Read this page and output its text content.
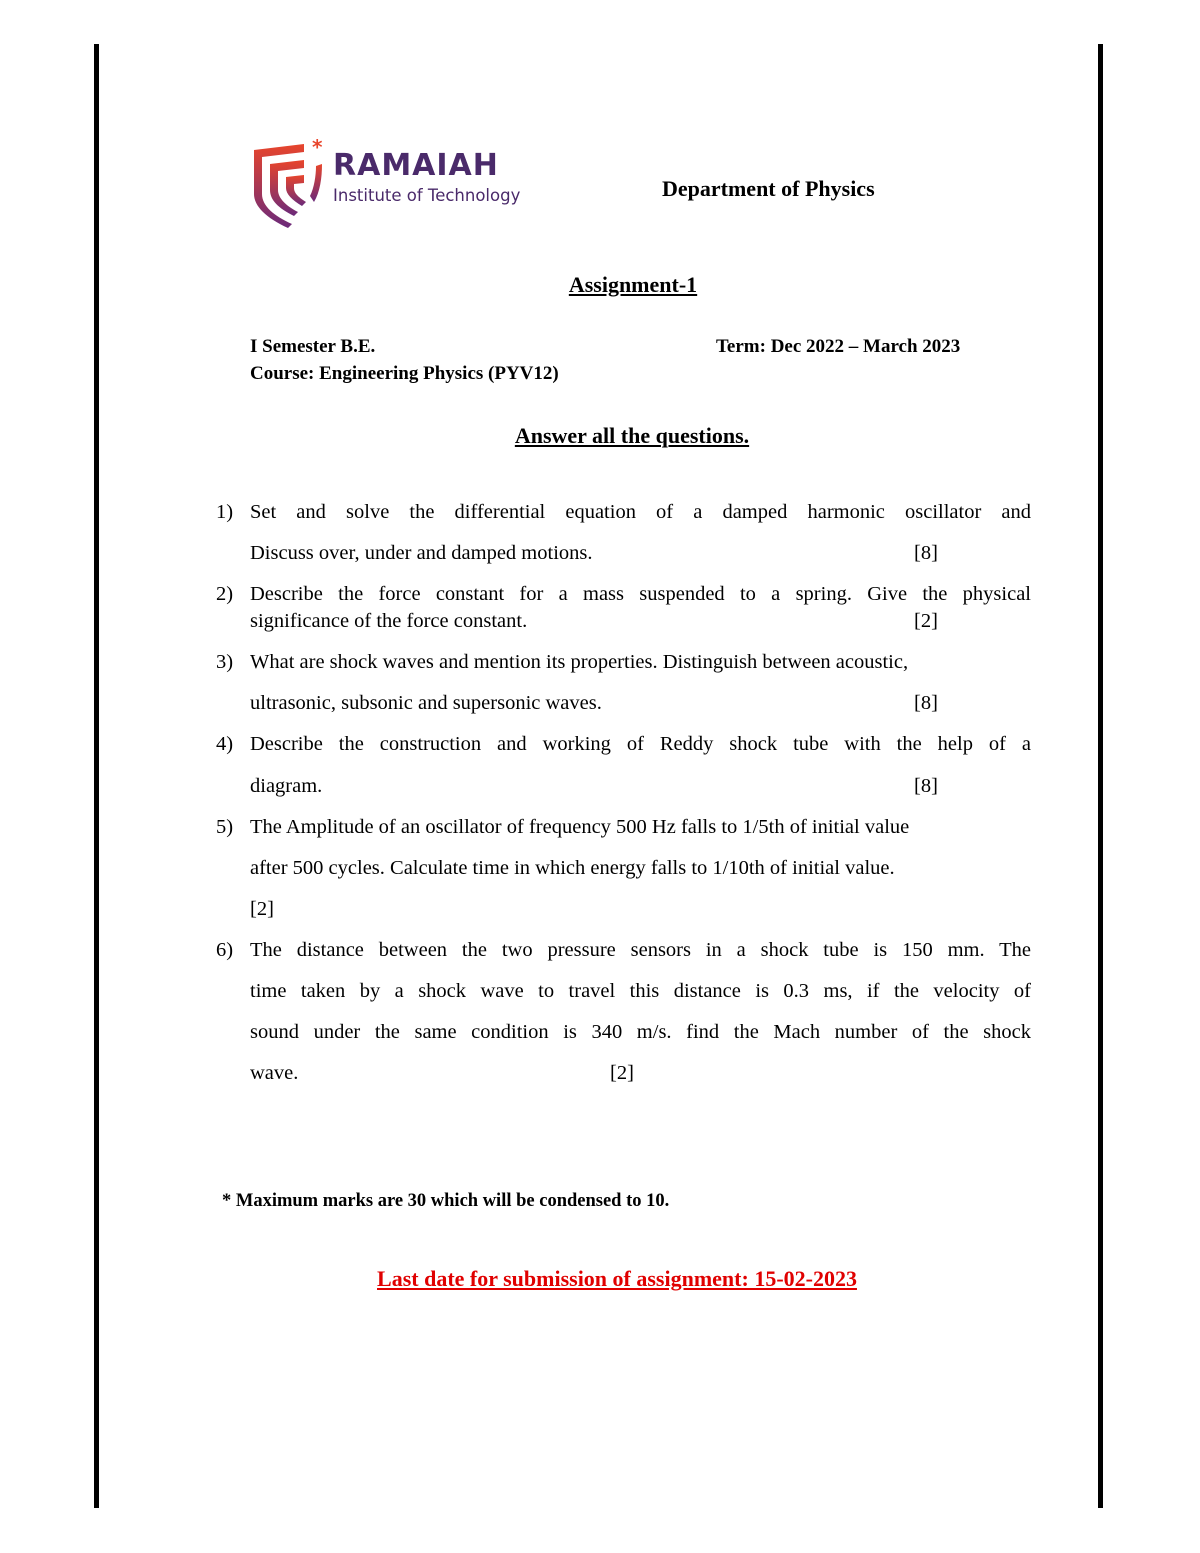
*
RAMAIAH
Institute of Technology	Department of Physics
Assignment-1
I Semester B.E.	Term: Dec 2022 – March 2023
Course: Engineering Physics (PYV12)
Answer all the questions.
1) Set and solve the differential equation of a damped harmonic oscillator and
Discuss over, under and damped motions.	[8]
2) Describe the force constant for a mass suspended to a spring. Give the physical
significance of the force constant.	[2]
3) What are shock waves and mention its properties. Distinguish between acoustic,
ultrasonic, subsonic and supersonic waves.	[8]
4) Describe the construction and working of Reddy shock tube with the help of a
diagram.	[8]
5) The Amplitude of an oscillator of frequency 500 Hz falls to 1/5th of initial value
after 500 cycles. Calculate time in which energy falls to 1/10th of initial value.
[2]
6) The distance between the two pressure sensors in a shock tube is 150 mm. The
time taken by a shock wave to travel this distance is 0.3 ms, if the velocity of
sound under the same condition is 340 m/s. find the Mach number of the shock
wave.	[2]
* Maximum marks are 30 which will be condensed to 10.
Last date for submission of assignment: 15-02-2023
